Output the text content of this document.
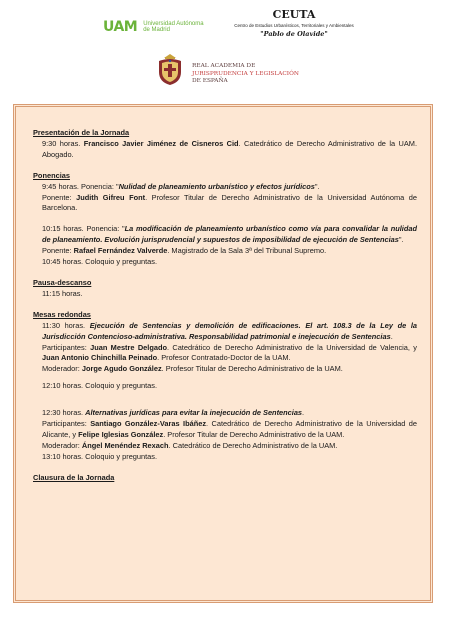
UAM Universidad Autónoma
de Madrid
CEUTA
Centro de Estudios Urbanísticos, Territoriales y Ambientales
"Pablo de Olavide"
REAL ACADEMIA DE
JURISPRUDENCIA Y LEGISLACIÓN
DE ESPAÑA
Presentación de la Jornada
9:30 horas. Francisco Javier Jiménez de Cisneros Cid. Catedrático de Derecho Administrativo de la UAM. Abogado.
Ponencias
9:45 horas. Ponencia: "Nulidad de planeamiento urbanístico y efectos jurídicos".
Ponente: Judith Gifreu Font. Profesor Titular de Derecho Administrativo de la Universidad Autónoma de Barcelona.
10:15 horas. Ponencia: "La modificación de planeamiento urbanístico como vía para convalidar la nulidad de planeamiento. Evolución jurisprudencial y supuestos de imposibilidad de ejecución de Sentencias".
Ponente: Rafael Fernández Valverde. Magistrado de la Sala 3ª del Tribunal Supremo.
10:45 horas. Coloquio y preguntas.
Pausa-descanso
11:15 horas.
Mesas redondas
11:30 horas. Ejecución de Sentencias y demolición de edificaciones. El art. 108.3 de la Ley de la Jurisdicción Contencioso-administrativa. Responsabilidad patrimonial e inejecución de Sentencias.
Participantes: Juan Mestre Delgado. Catedrático de Derecho Administrativo de la Universidad de Valencia, y Juan Antonio Chinchilla Peinado. Profesor Contratado-Doctor de la UAM.
Moderador: Jorge Agudo González. Profesor Titular de Derecho Administrativo de la UAM.
12:10 horas. Coloquio y preguntas.
12:30 horas. Alternativas jurídicas para evitar la inejecución de Sentencias.
Participantes: Santiago González-Varas Ibáñez. Catedrático de Derecho Administrativo de la Universidad de Alicante, y Felipe Iglesias González. Profesor Titular de Derecho Administrativo de la UAM.
Moderador: Ángel Menéndez Rexach. Catedrático de Derecho Administrativo de la UAM.
13:10 horas. Coloquio y preguntas.
Clausura de la Jornada
